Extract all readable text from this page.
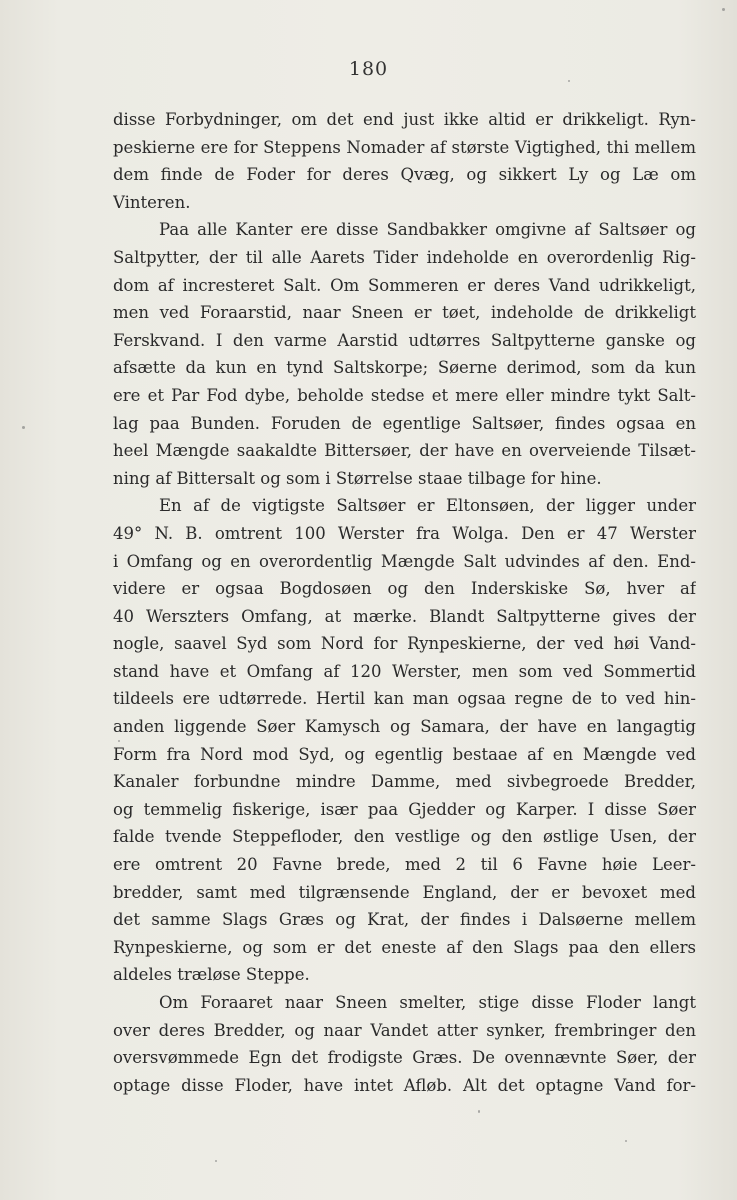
180
disse Forbydninger, om det end just ikke altid er drikkeligt. Ryn-
peskierne ere for Steppens Nomader af største Vigtighed, thi mellem
dem finde de Foder for deres Qvæg, og sikkert Ly og Læ om
Vinteren.
Paa alle Kanter ere disse Sandbakker omgivne af Saltsøer og
Saltpytter, der til alle Aarets Tider indeholde en overordenlig Rig-
dom af incresteret Salt. Om Sommeren er deres Vand udrikkeligt,
men ved Foraarstid, naar Sneen er tøet, indeholde de drikkeligt
Ferskvand. I den varme Aarstid udtørres Saltpytterne ganske og
afsætte da kun en tynd Saltskorpe; Søerne derimod, som da kun
ere et Par Fod dybe, beholde stedse et mere eller mindre tykt Salt-
lag paa Bunden. Foruden de egentlige Saltsøer, findes ogsaa en
heel Mængde saakaldte Bittersøer, der have en overveiende Tilsæt-
ning af Bittersalt og som i Størrelse staae tilbage for hine.
En af de vigtigste Saltsøer er Eltonsøen, der ligger under
49° N. B. omtrent 100 Werster fra Wolga. Den er 47 Werster
i Omfang og en overordentlig Mængde Salt udvindes af den. End-
videre er ogsaa Bogdosøen og den Inderskiske Sø, hver af
40 Werszters Omfang, at mærke. Blandt Saltpytterne gives der
nogle, saavel Syd som Nord for Rynpeskierne, der ved høi Vand-
stand have et Omfang af 120 Werster, men som ved Sommertid
tildeels ere udtørrede. Hertil kan man ogsaa regne de to ved hin-
anden liggende Søer Kamysch og Samara, der have en langagtig
Form fra Nord mod Syd, og egentlig bestaae af en Mængde ved
Kanaler forbundne mindre Damme, med sivbegroede Bredder,
og temmelig fiskerige, især paa Gjedder og Karper. I disse Søer
falde tvende Steppefloder, den vestlige og den østlige Usen, der
ere omtrent 20 Favne brede, med 2 til 6 Favne høie Leer-
bredder, samt med tilgrænsende England, der er bevoxet med
det samme Slags Græs og Krat, der findes i Dalsøerne mellem
Rynpeskierne, og som er det eneste af den Slags paa den ellers
aldeles træløse Steppe.
Om Foraaret naar Sneen smelter, stige disse Floder langt
over deres Bredder, og naar Vandet atter synker, frembringer den
oversvømmede Egn det frodigste Græs. De ovennævnte Søer, der
optage disse Floder, have intet Afløb. Alt det optagne Vand for-
